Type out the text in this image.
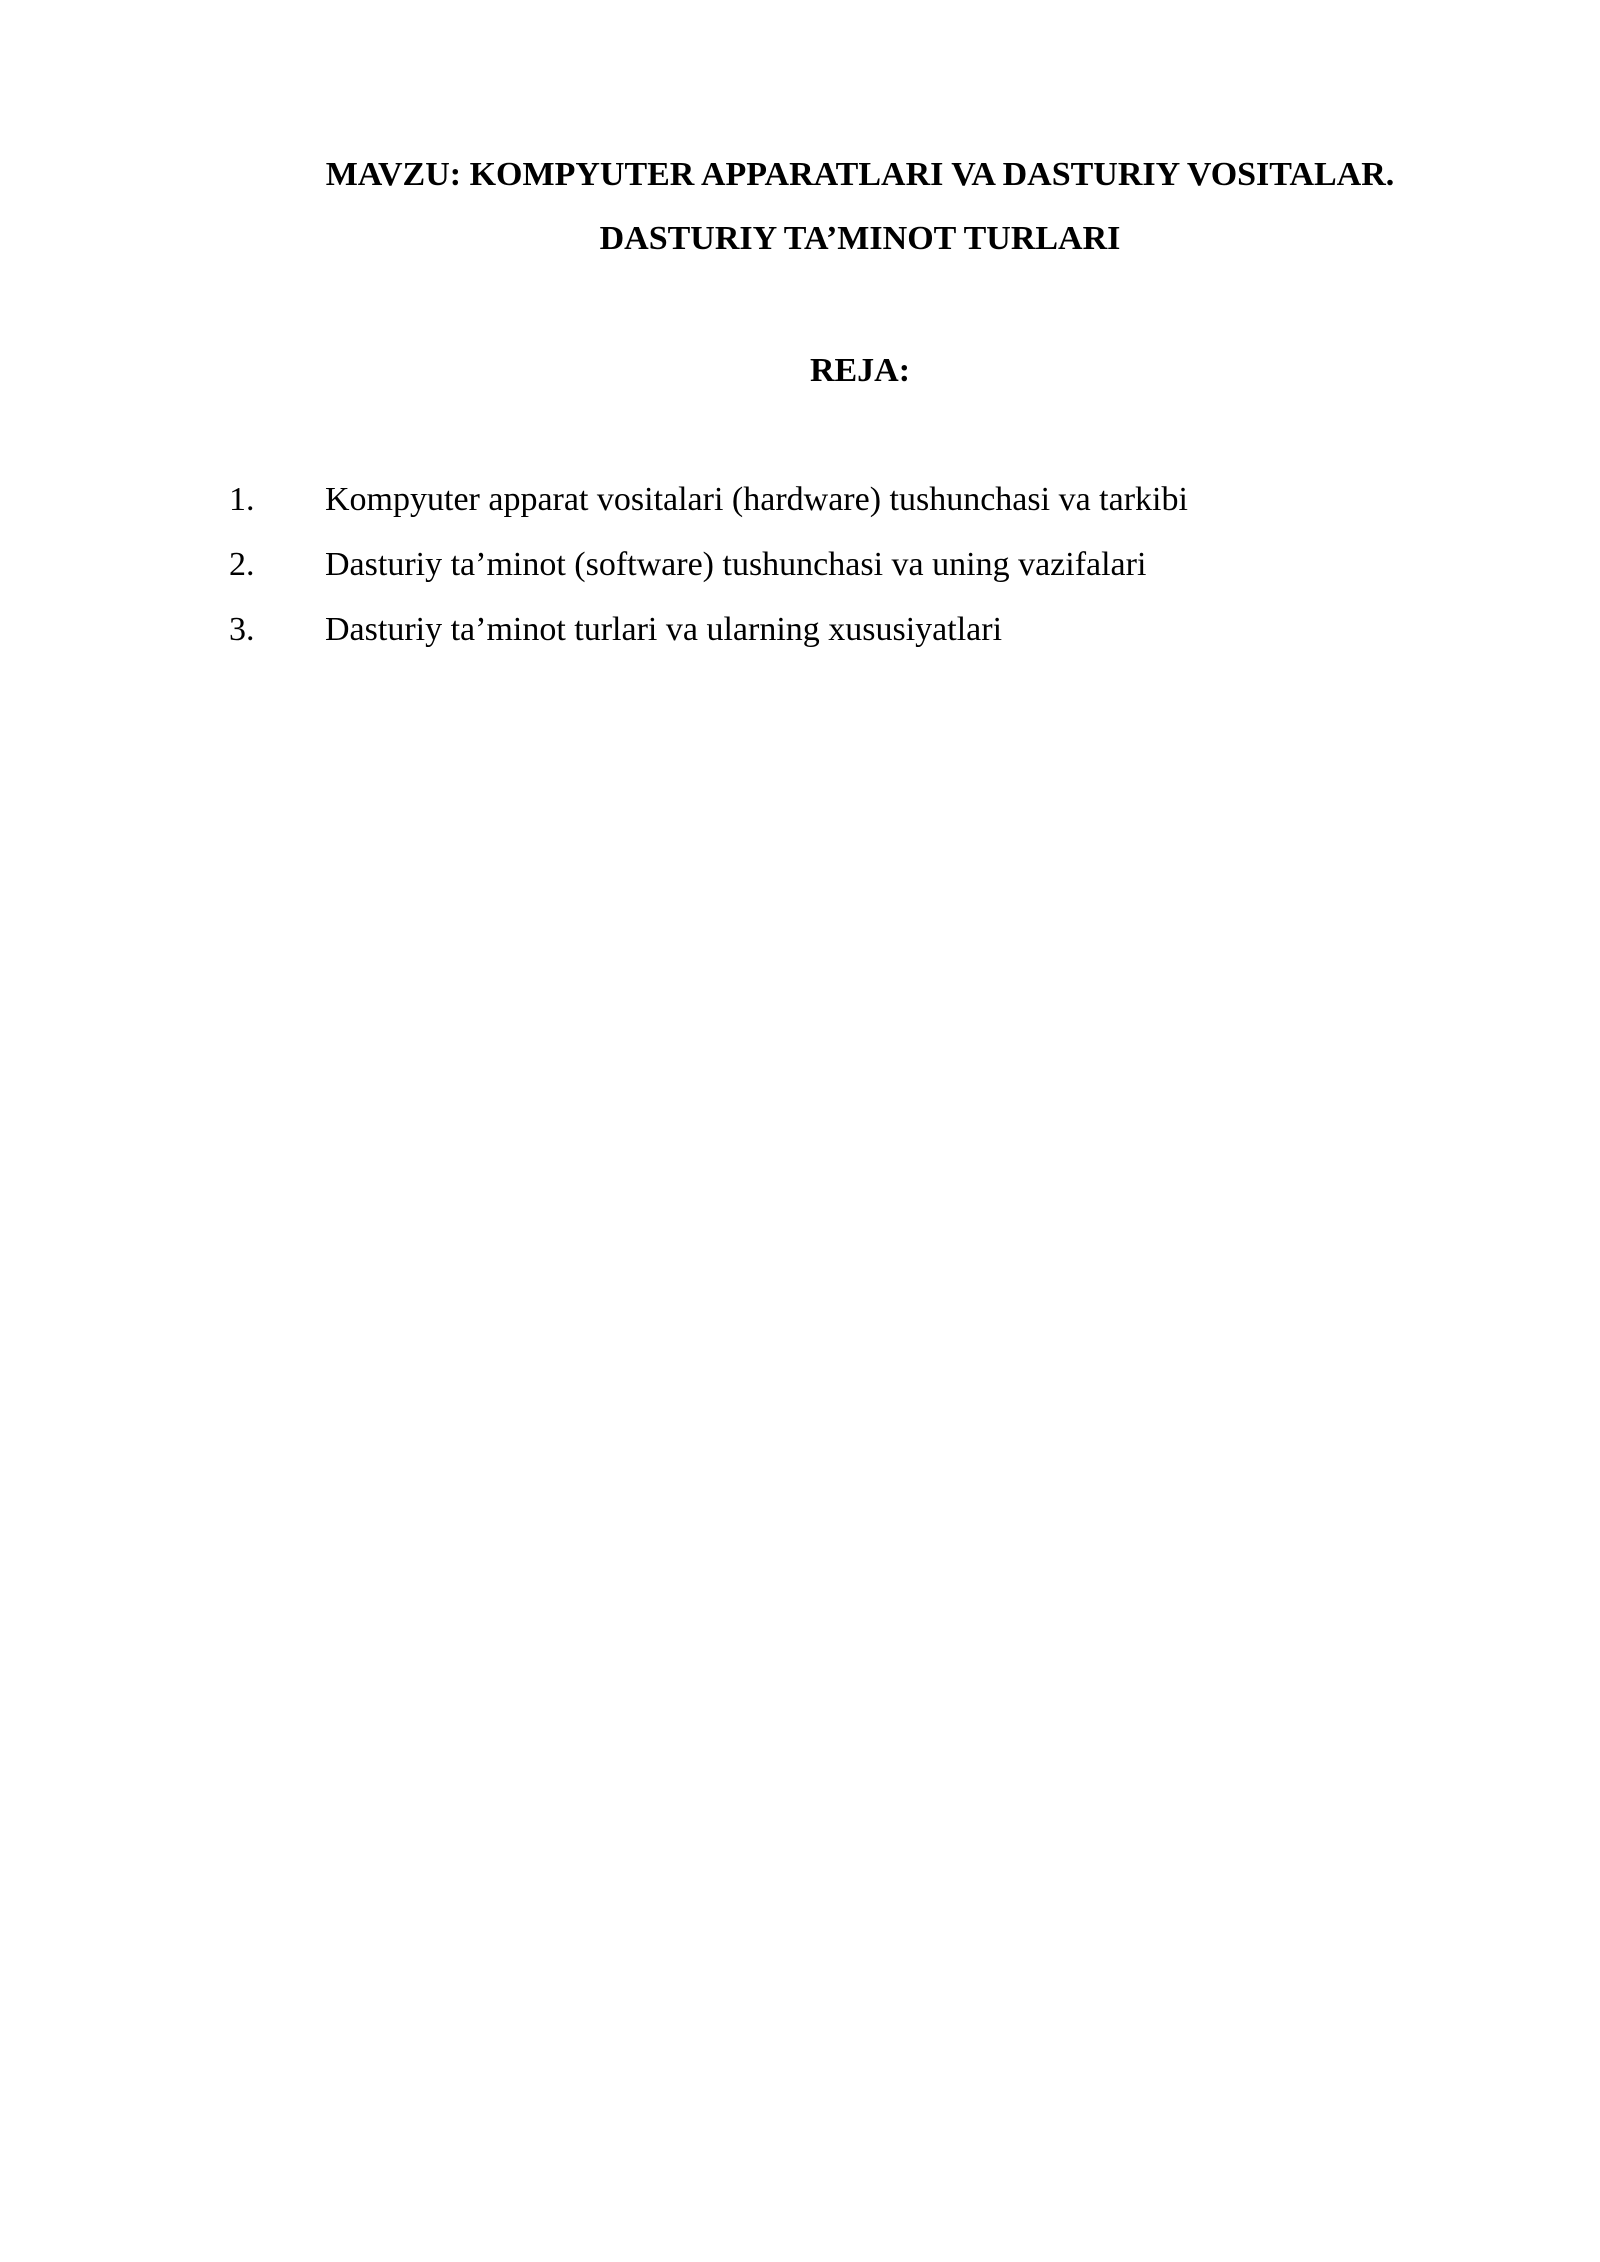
MAVZU: KOMPYUTER APPARATLARI VA DASTURIY VOSITALAR.
DASTURIY TA’MINOT TURLARI
REJA:
1. Kompyuter apparat vositalari (hardware) tushunchasi va tarkibi
2. Dasturiy ta’minot (software) tushunchasi va uning vazifalari
3. Dasturiy ta’minot turlari va ularning xususiyatlari
